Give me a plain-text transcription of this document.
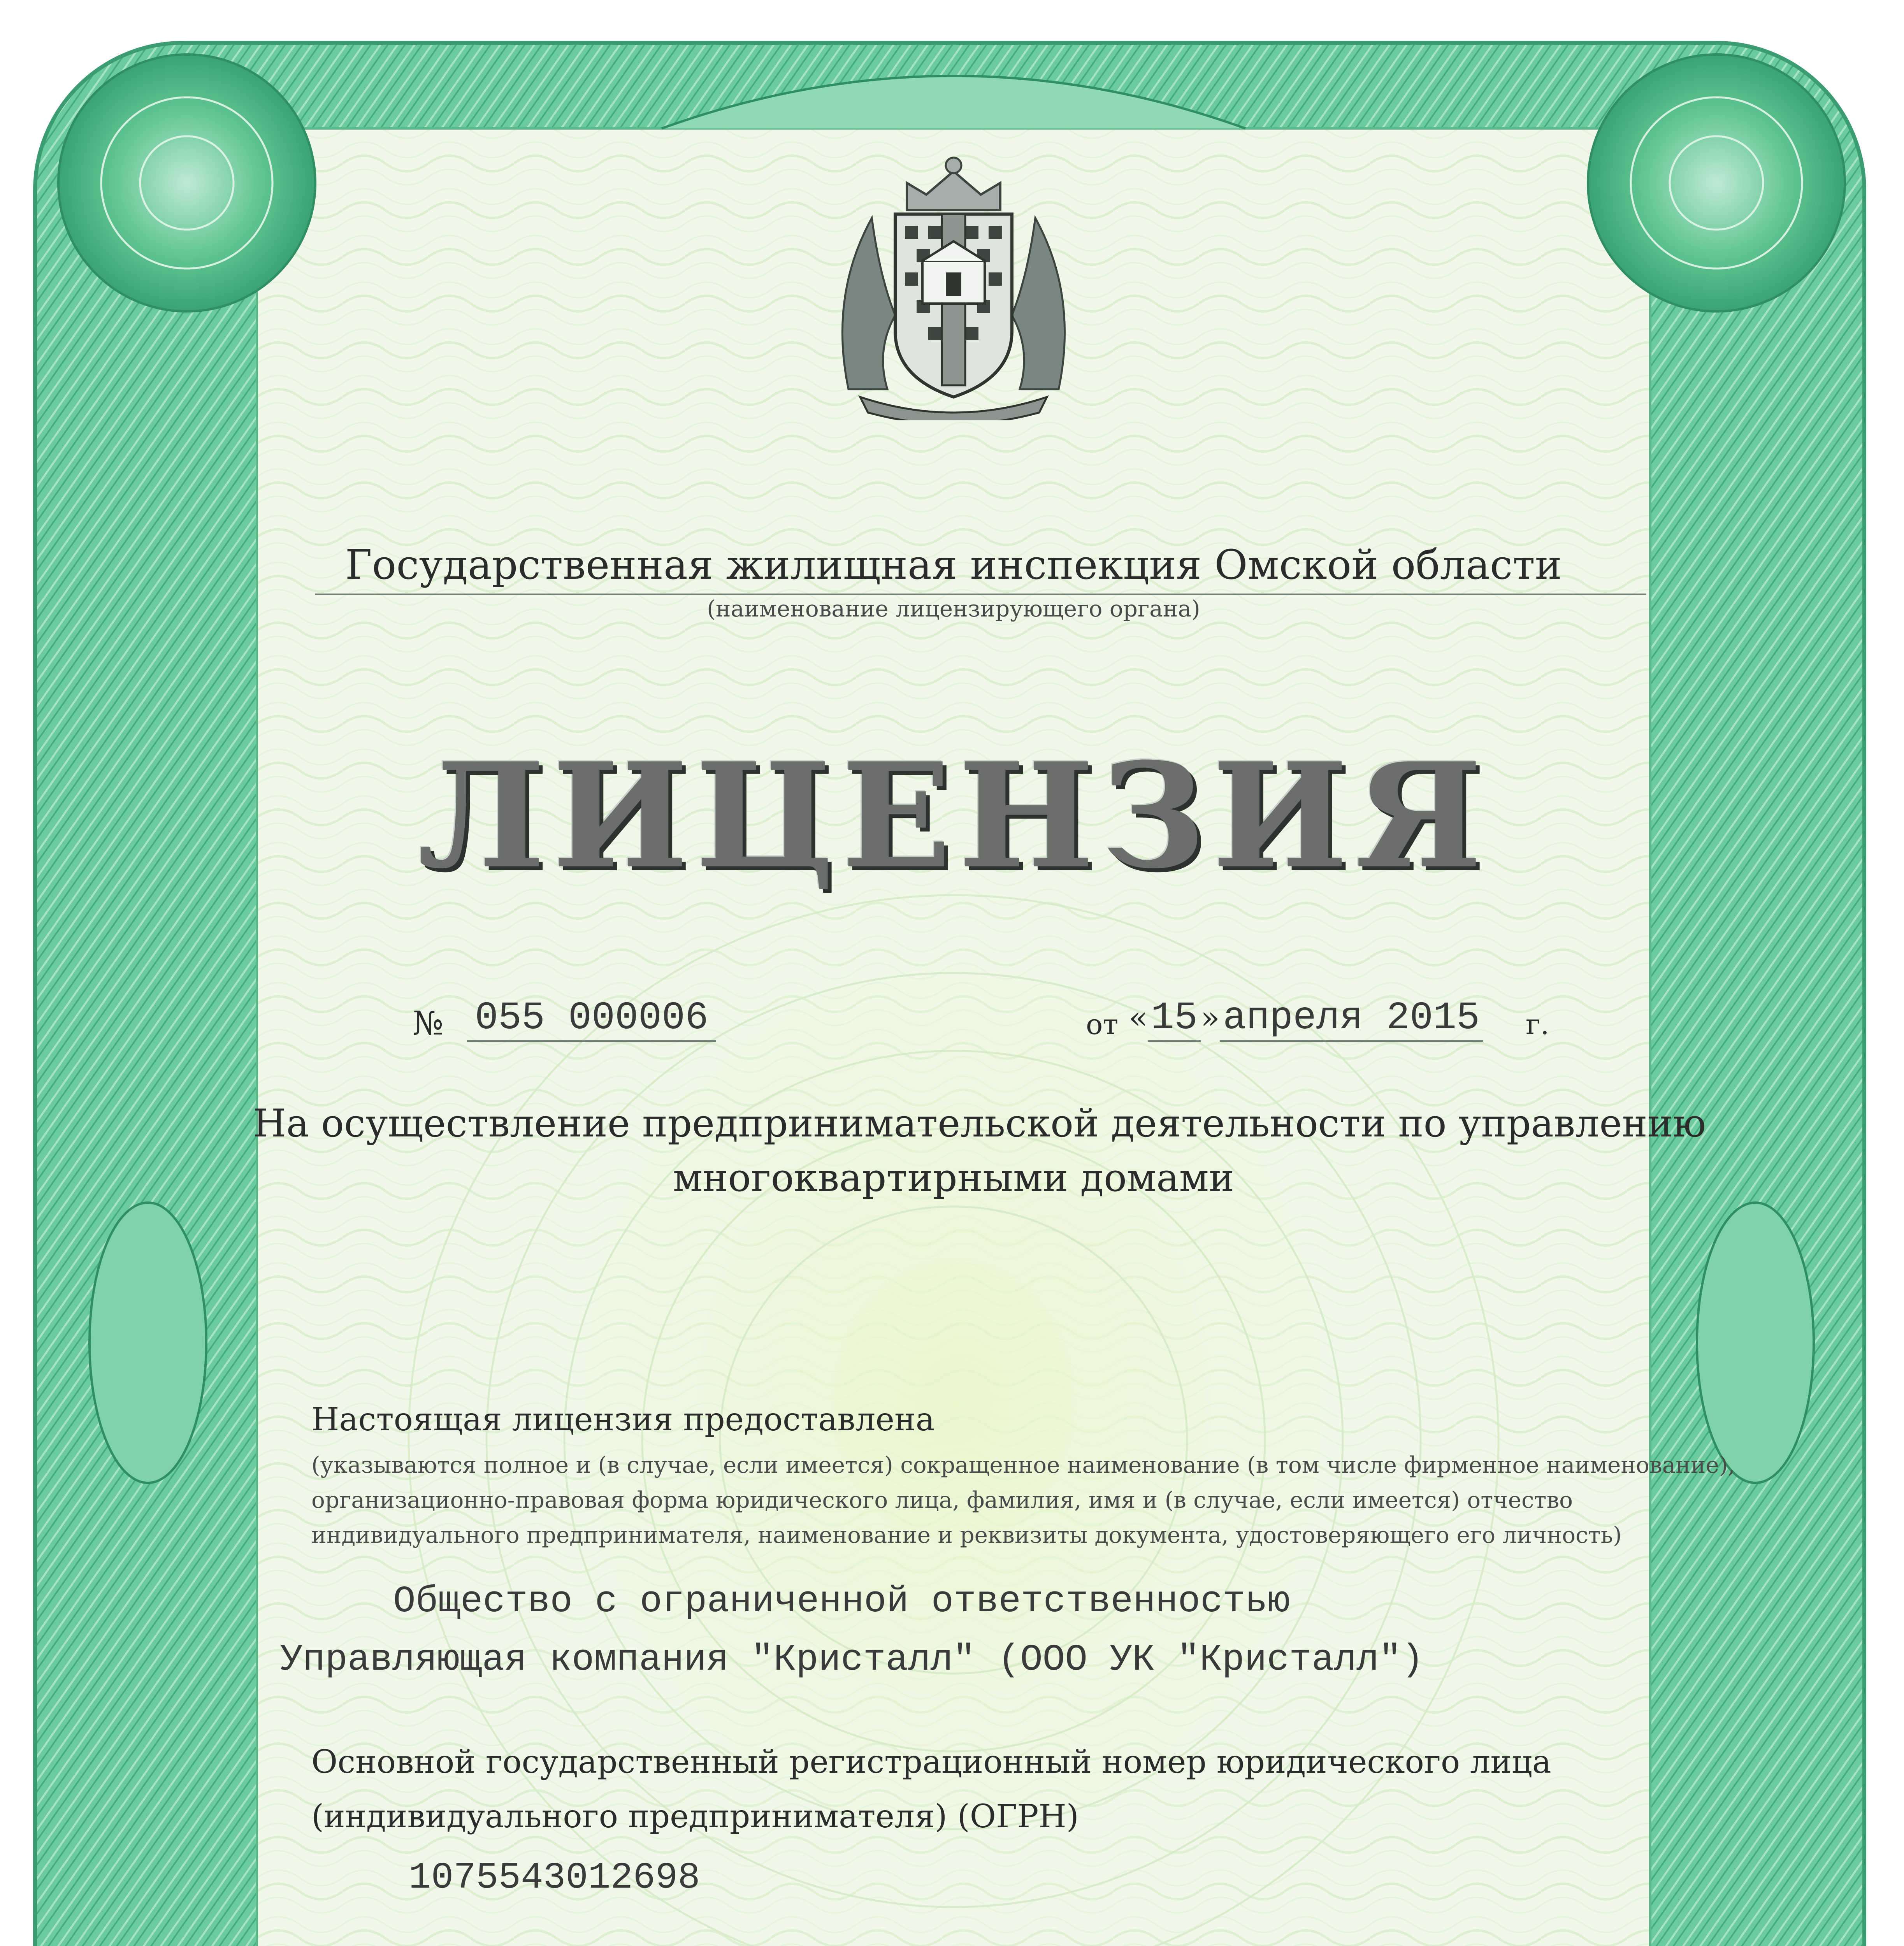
Государственная жилищная инспекция Омской области
(наименование лицензирующего органа)
ЛИЦЕНЗИЯ
№ 055 000006	от «15 »апреля 2015 г.
На осуществление предпринимательской деятельности по управлению
многоквартирными домами
Настоящая лицензия предоставлена
(указываются полное и (в случае, если имеется) сокращенное наименование (в том числе фирменное наименование),
организационно-правовая форма юридического лица, фамилия, имя и (в случае, если имеется) отчество
индивидуального предпринимателя, наименование и реквизиты документа, удостоверяющего его личность)
Общество с ограниченной ответственностью
Управляющая компания "Кристалл" (ООО УК "Кристалл")
Основной государственный регистрационный номер юридического лица
(индивидуального предпринимателя) (ОГРН)
1075543012698
